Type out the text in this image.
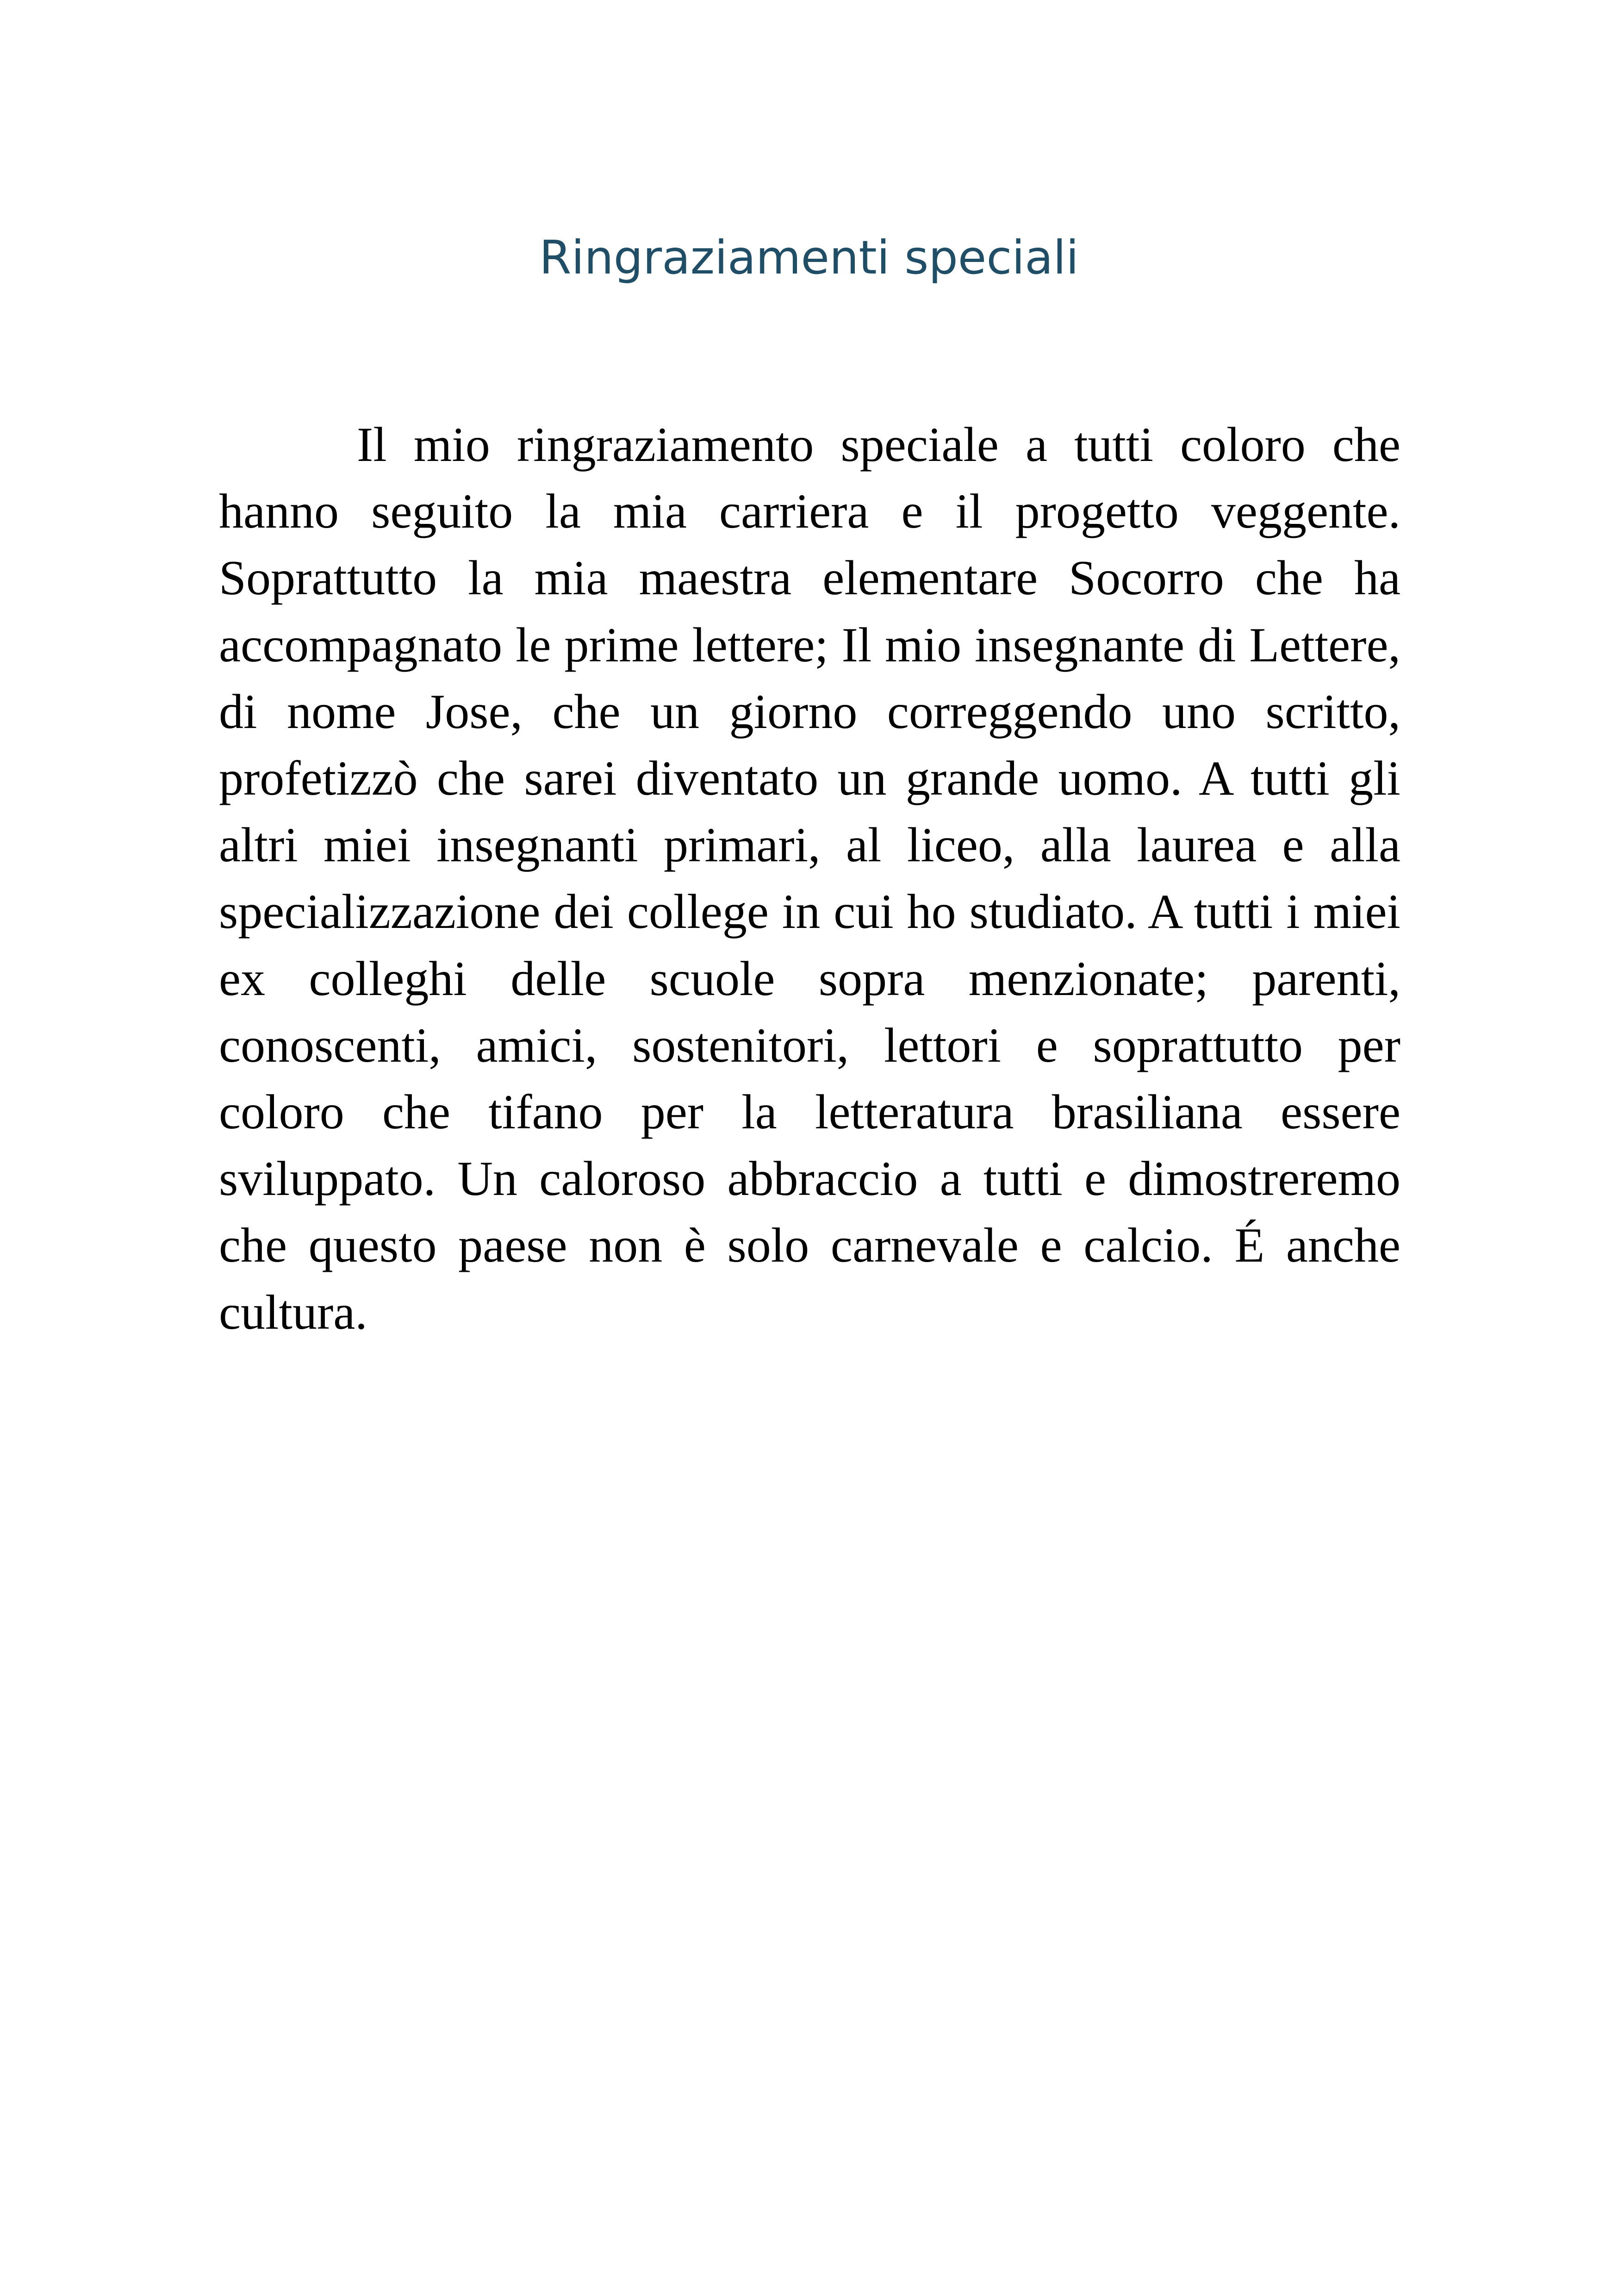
Ringraziamenti speciali

Il mio ringraziamento speciale a tutti coloro che hanno seguito la mia carriera e il progetto veggente. Soprattutto la mia maestra elementare Socorro che ha accompagnato le prime lettere; Il mio insegnante di Lettere, di nome Jose, che un giorno correggendo uno scritto, profetizzò che sarei diventato un grande uomo. A tutti gli altri miei insegnanti primari, al liceo, alla laurea e alla specializzazione dei college in cui ho studiato. A tutti i miei ex colleghi delle scuole sopra menzionate; parenti, conoscenti, amici, sostenitori, lettori e soprattutto per coloro che tifano per la letteratura brasiliana essere sviluppato. Un caloroso abbraccio a tutti e dimostreremo che questo paese non è solo carnevale e calcio. É anche cultura.
